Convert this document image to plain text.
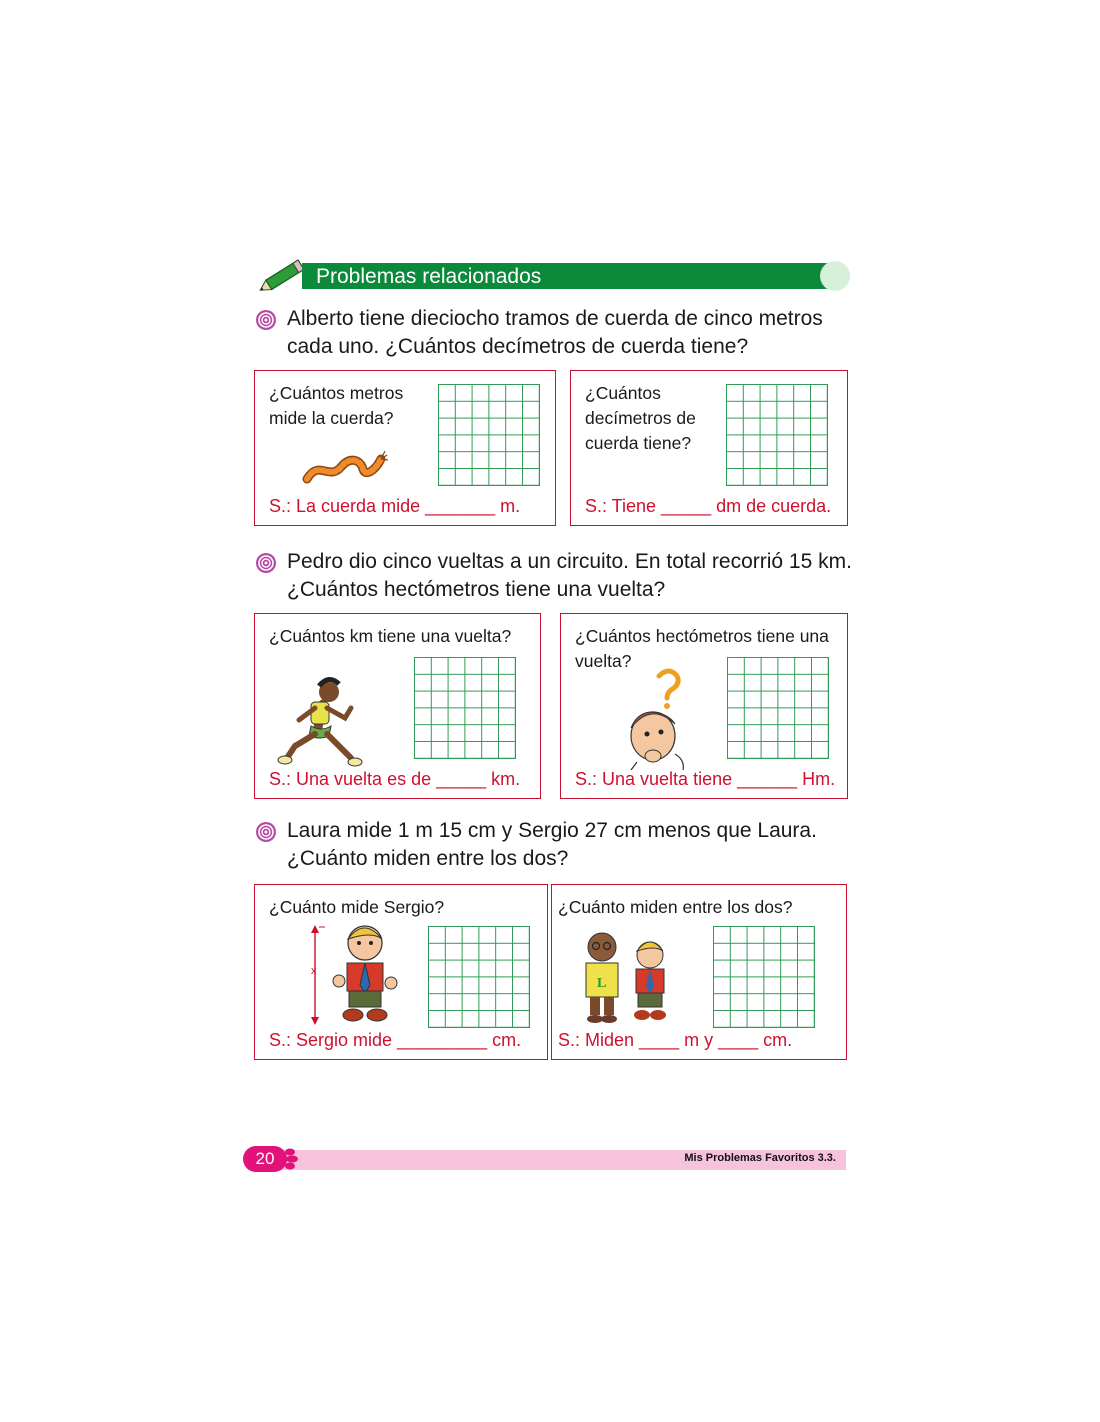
Problemas relacionados
Alberto tiene dieciocho tramos de cuerda de cinco metros
cada uno. ¿Cuántos decímetros de cuerda tiene?
¿Cuántos metros
mide la cuerda?
S.: La cuerda mide _______ m.
¿Cuántos
decímetros de
cuerda tiene?
S.: Tiene _____ dm de cuerda.
Pedro dio cinco vueltas a un circuito. En total recorrió 15 km.
¿Cuántos hectómetros tiene una vuelta?
¿Cuántos km tiene una vuelta?
S.: Una vuelta es de _____ km.
¿Cuántos hectómetros tiene una
vuelta?
S.: Una vuelta tiene ______ Hm.
Laura mide 1 m 15 cm y Sergio 27 cm menos que Laura.
¿Cuánto miden entre los dos?
¿Cuánto mide Sergio?
x
S.: Sergio mide _________ cm.
¿Cuánto miden entre los dos?
L
S.: Miden ____ m y ____ cm.
20	Mis Problemas Favoritos 3.3.
